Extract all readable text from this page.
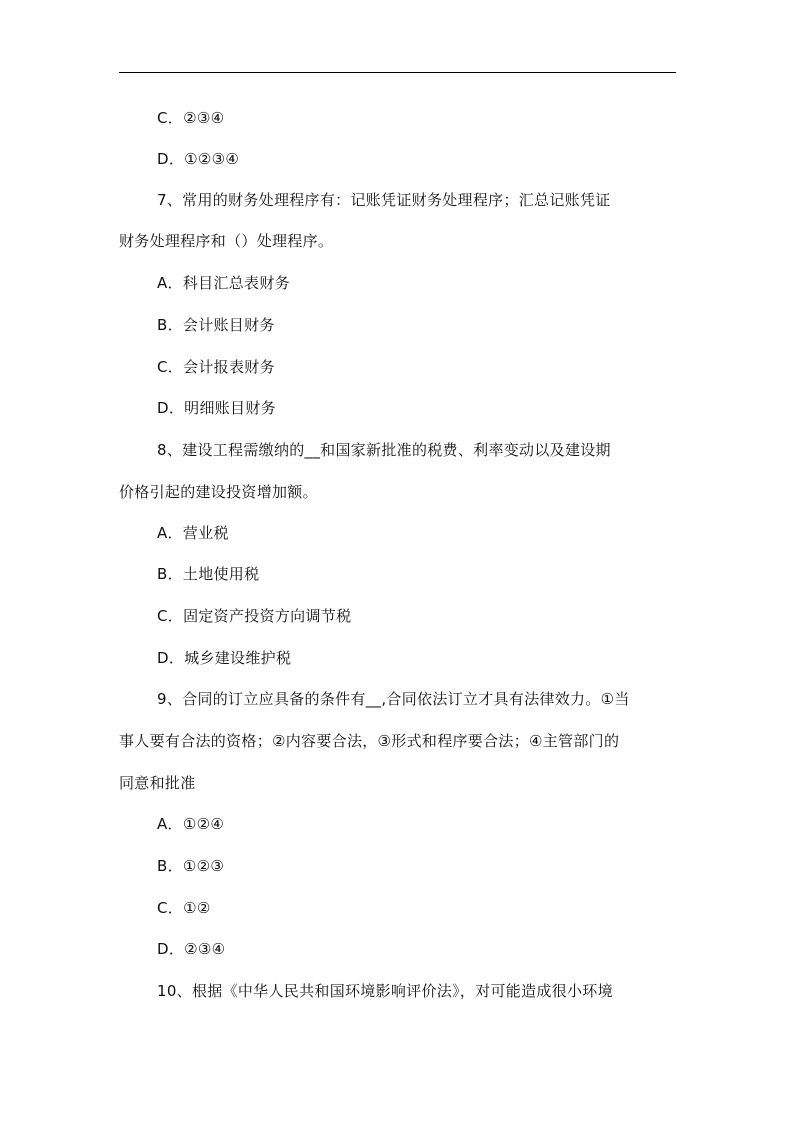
C．②③④
D．①②③④
7、常用的财务处理程序有：记账凭证财务处理程序；汇总记账凭证
财务处理程序和（）处理程序。
A．科目汇总表财务
B．会计账目财务
C．会计报表财务
D．明细账目财务
8、建设工程需缴纳的__和国家新批准的税费、利率变动以及建设期
价格引起的建设投资增加额。
A．营业税
B．土地使用税
C．固定资产投资方向调节税
D．城乡建设维护税
9、合同的订立应具备的条件有__,合同依法订立才具有法律效力。①当
事人要有合法的资格；②内容要合法，③形式和程序要合法；④主管部门的
同意和批准
A．①②④
B．①②③
C．①②
D．②③④
10、根据《中华人民共和国环境影响评价法》，对可能造成很小环境
